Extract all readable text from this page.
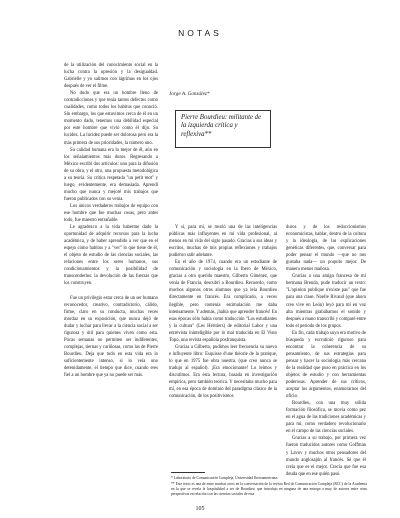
NOTAS

de la utilización del conocimiento social en la lucha contra la opresión y la desigualdad. Gabrielle y yo salimos con lágrimas en los ojos después de ver el filme.

No dudo que era un hombre lleno de contradicciones y que tenía tantos defectos como cualidades, como todos los habitus que conoció. Sin embargo, los que estuvimos cerca de él en un momento dado, tenemos una debilidad especial por este hombre que vivió como él dijo. Su lucidez. La lucidez puede ser dolorosa pero era la más primera de sus prioridades, la número uno.

Su calidad humana era lo mejor de él, aún en los señalamientos más duros. Regresando a México escribí dos artículos: uno para la difusión de su obra, y el otro, una propuesta metodológica a su teoría. Su crítica respetada "un petit mot" y luego, evidentemente, era demasiada. Aprendí mucho que nunca y mejoré mis trabajos que fueron publicados con su venia.

Los únicos verdaderos trabajos de equipo con ese hombre que fue muchas cosas, pero antes todo, fue maestro entrañable.

Le agradezco a la vida haberme dado la oportunidad de adquirir recursos para la lucha académica, y de haber aprendido a ver que en el espejo como habitus y a "ver" lo que tiene de él, el objeto de estudio de las ciencias sociales, las relaciones entre los seres humanos, sus condicionamientos y la posibilidad de transcenderlos: la devolución de las fuerzas que los construyen.

Fue un privilegio estar cerca de un ser humano reconocedor, creativo, contradictorio, cálido, firme, claro en su conducta, muchas veces mordaz en su exposición, que nunca dejó de dudar y luchar para llevar a la ciencia social a ser rigurosa y útil para quienes viven como esta. Pocas semanas no permiten ser indiferentes, complejas, tiernas y cariñosas, como las de Pierre Bourdieu. Deja que todo en esta vida era lo suficientemente intenso, si lo veía uno detenidamente, el tiempo que dice, cuando eres fiel a un hombre que ya no puede ser más.

Jorge A. González*
Pierre Bourdieu: militante de la izquierda crítica y reflexiva**

Y sí, para mí, se murió una de las inteligencias públicas más influyentes en mi vida profesional, al menos en mi vida del siglo pasado. Gracias a sus ideas y escritos, muchas de mis propias reflexiones y trabajos pudieron salir adelante.

En el año de 1974, cuando era un estudiante de comunicación y sociología en la Ibero de México, gracias a otro querido maestro, Gilberto Giménez, que venía de Francia, descubrí a Bourdieu. Recuerdo, como muchos algunos otros alumnos que ya leía Bourdieu directamente en francés. Era complicado, a veces ilegible, pero contenía estimulación me daba intensamente. Y además, ¡había que aprender francés! En esas épocas sólo había como traducción "Los estudiantes y la cultura" (Les Héritiers) de editorial Labor y una entrevista ininteligible por lo mal traducida en El Visto Topo, una revista española posfranquista.

Gracias a Gilberto, pudimos leer frecuencia su nuevo e influyente libro: Esquisse d'une théorie de la pratique, lo que en 1975 fue obra nuestra. (que creo nunca se tradujo al español). ¡Era emocionante! Lo leímos y discutimos. Era ésta lectura, basada en investigación empírica, pero también teórica. Y necesitaba mucho para mí, en esa época de dominio del paradigma clásico de la comunicación, de los positivismos

duros y de los reduccionismos economicistas, hablar, dentro de la cultura y la ideología, de las explicaciones genéticas diferentes, que, conversar para poder pensar el mundo —que no nos gustaba nada— un poquito mejor. De manera menos mañosa.

Gracias a una amiga francesa de mi hermana Brenda, pude traducir un texto: "L'opinion publique n'existe pas" que fue para una clase. Noelle Rivaud (que ahora creo vive en León) leyó para mí en voz alta mientras grabábamos el sonido y después a mano transcribí y comparé entre todo el periodo de los grupos.

En fin, cada trabajo suyo era motivo de búsqueda y escrutinio riguroso para encontrar la coherencia de su pensamiento, de sus estrategias para pensar y hacer la sociología más cercana de la realidad que puso en práctica en los objetos de estudio y con herramientas poderosas. Aprender de sus críticos, aceptar los argumentos, enamorarnos del oficio.

Bourdieu, con una muy sólida formación filosófica, se movía como pez en el agua de las tradiciones académicas y para mí, como verdadero revolucionario en el campo de las ciencias sociales.

Gracias a su trabajo, por primera vez fueron traducidos autores como Goffman y Lavov y muchos otros pensadores del mundo anglosajón al francés. Sé que él creía que es el mejor. Crecía que fue esa deuda que en ese quién pasó.

* Laboratorio de Comunicación Compleja, Universidad Iberoamericana.
** Este texto es una de entre muchas otros en la conversación de la revista Red de Comunicación Compleja (RCC) de la Academia en la que se revela la hospitalidad a ser de Bourdieu, que introdujo en ninguna de una entrega a muy de autores entre otras perspectivas en relación con las ciencias sociales de esta.
105
